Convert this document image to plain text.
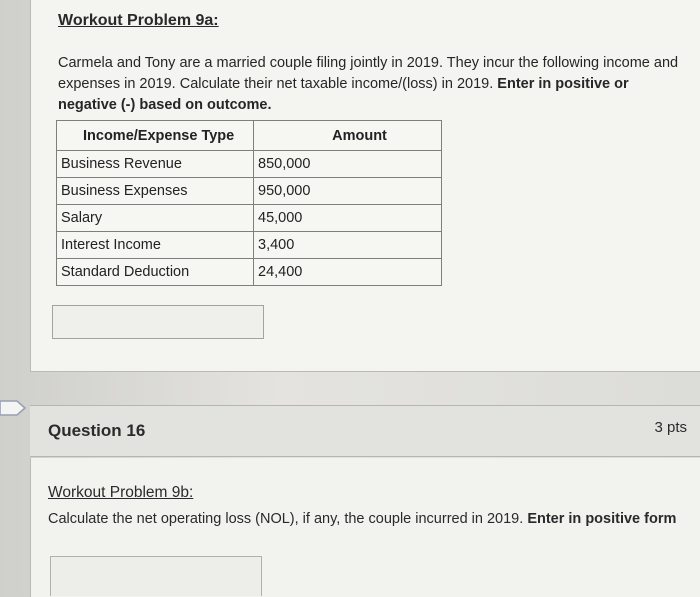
Workout Problem 9a:
Carmela and Tony are a married couple filing jointly in 2019. They incur the following income and expenses in 2019. Calculate their net taxable income/(loss) in 2019. Enter in positive or negative (-) based on outcome.
Income/Expense Type	Amount
Business Revenue	850,000
Business Expenses	950,000
Salary	45,000
Interest Income	3,400
Standard Deduction	24,400
Question 16	3 pts
Workout Problem 9b:
Calculate the net operating loss (NOL), if any, the couple incurred in 2019. Enter in positive form
